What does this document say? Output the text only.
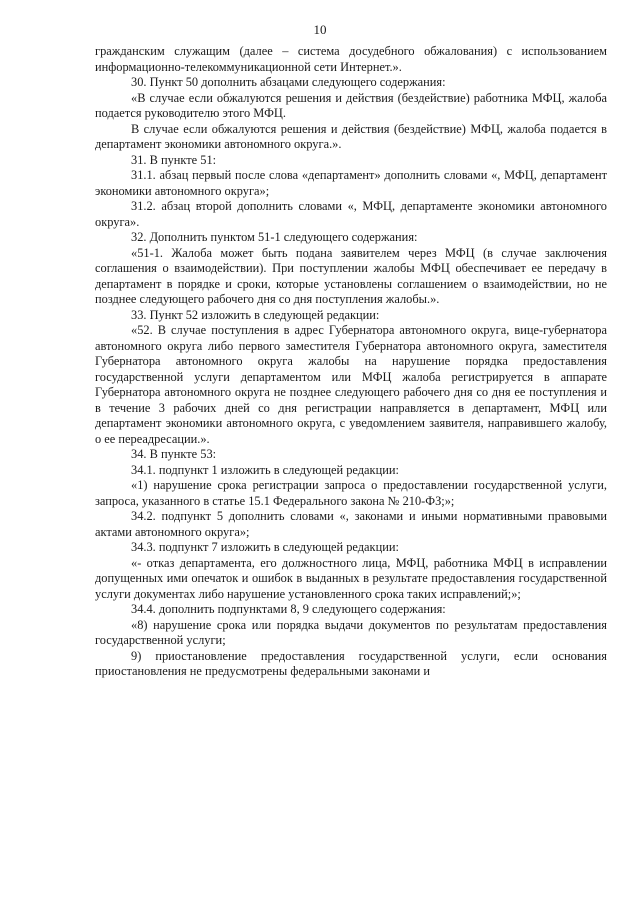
10

гражданским служащим (далее – система досудебного обжалования) с использованием информационно-телекоммуникационной сети Интернет.».

30. Пункт 50 дополнить абзацами следующего содержания:

«В случае если обжалуются решения и действия (бездействие) работника МФЦ, жалоба подается руководителю этого МФЦ.

В случае если обжалуются решения и действия (бездействие) МФЦ, жалоба подается в департамент экономики автономного округа.».

31. В пункте 51:

31.1. абзац первый после слова «департамент» дополнить словами «, МФЦ, департамент экономики автономного округа»;

31.2. абзац второй дополнить словами «, МФЦ, департаменте экономики автономного округа».

32. Дополнить пунктом 51-1 следующего содержания:

«51-1. Жалоба может быть подана заявителем через МФЦ (в случае заключения соглашения о взаимодействии). При поступлении жалобы МФЦ обеспечивает ее передачу в департамент в порядке и сроки, которые установлены соглашением о взаимодействии, но не позднее следующего рабочего дня со дня поступления жалобы.».

33. Пункт 52 изложить в следующей редакции:

«52. В случае поступления в адрес Губернатора автономного округа, вице-губернатора автономного округа либо первого заместителя Губернатора автономного округа, заместителя Губернатора автономного округа жалобы на нарушение порядка предоставления государственной услуги департаментом или МФЦ жалоба регистрируется в аппарате Губернатора автономного округа не позднее следующего рабочего дня со дня ее поступления и в течение 3 рабочих дней со дня регистрации направляется в департамент, МФЦ или департамент экономики автономного округа, с уведомлением заявителя, направившего жалобу, о ее переадресации.».

34. В пункте 53:

34.1. подпункт 1 изложить в следующей редакции:

«1) нарушение срока регистрации запроса о предоставлении государственной услуги, запроса, указанного в статье 15.1 Федерального закона № 210-ФЗ;»;

34.2. подпункт 5 дополнить словами «, законами и иными нормативными правовыми актами автономного округа»;

34.3. подпункт 7 изложить в следующей редакции:

«- отказ департамента, его должностного лица, МФЦ, работника МФЦ в исправлении допущенных ими опечаток и ошибок в выданных в результате предоставления государственной услуги документах либо нарушение установленного срока таких исправлений;»;

34.4. дополнить подпунктами 8, 9 следующего содержания:

«8) нарушение срока или порядка выдачи документов по результатам предоставления государственной услуги;

9) приостановление предоставления государственной услуги, если основания приостановления не предусмотрены федеральными законами и
